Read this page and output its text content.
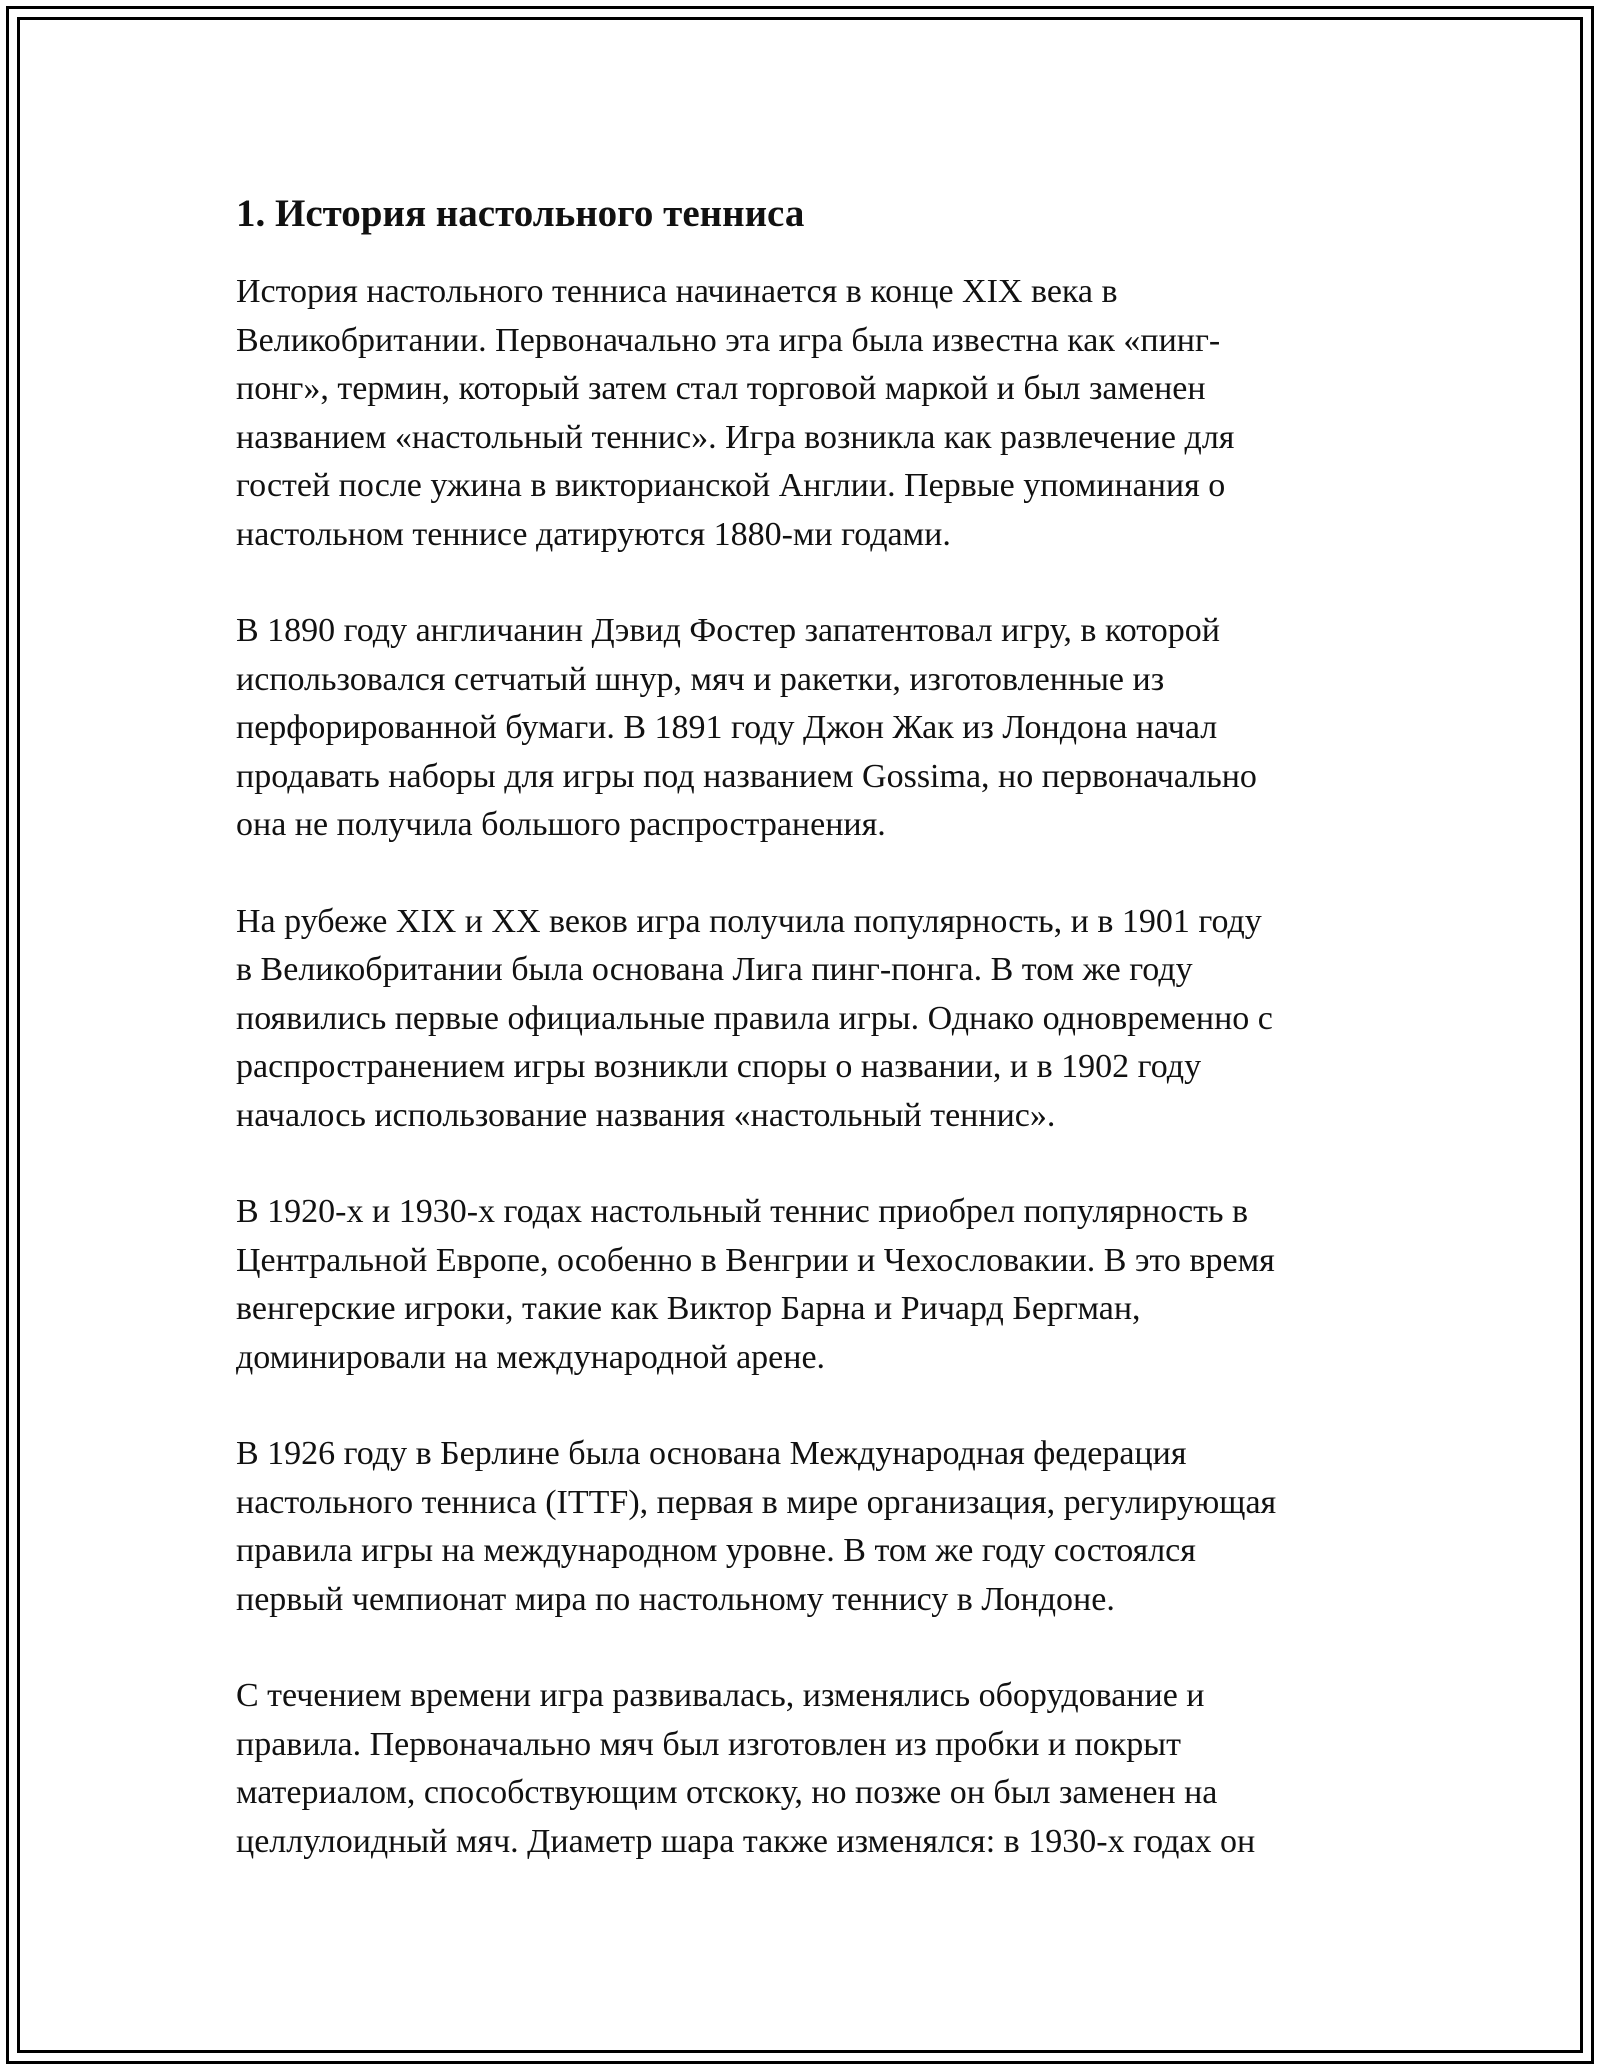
1. История настольного тенниса

История настольного тенниса начинается в конце XIX века в
Великобритании. Первоначально эта игра была известна как «пинг-
понг», термин, который затем стал торговой маркой и был заменен
названием «настольный теннис». Игра возникла как развлечение для
гостей после ужина в викторианской Англии. Первые упоминания о
настольном теннисе датируются 1880-ми годами.

В 1890 году англичанин Дэвид Фостер запатентовал игру, в которой
использовался сетчатый шнур, мяч и ракетки, изготовленные из
перфорированной бумаги. В 1891 году Джон Жак из Лондона начал
продавать наборы для игры под названием Gossima, но первоначально
она не получила большого распространения.

На рубеже XIX и XX веков игра получила популярность, и в 1901 году
в Великобритании была основана Лига пинг-понга. В том же году
появились первые официальные правила игры. Однако одновременно с
распространением игры возникли споры о названии, и в 1902 году
началось использование названия «настольный теннис».

В 1920-х и 1930-х годах настольный теннис приобрел популярность в
Центральной Европе, особенно в Венгрии и Чехословакии. В это время
венгерские игроки, такие как Виктор Барна и Ричард Бергман,
доминировали на международной арене.

В 1926 году в Берлине была основана Международная федерация
настольного тенниса (ITTF), первая в мире организация, регулирующая
правила игры на международном уровне. В том же году состоялся
первый чемпионат мира по настольному теннису в Лондоне.

С течением времени игра развивалась, изменялись оборудование и
правила. Первоначально мяч был изготовлен из пробки и покрыт
материалом, способствующим отскоку, но позже он был заменен на
целлулоидный мяч. Диаметр шара также изменялся: в 1930-х годах он
